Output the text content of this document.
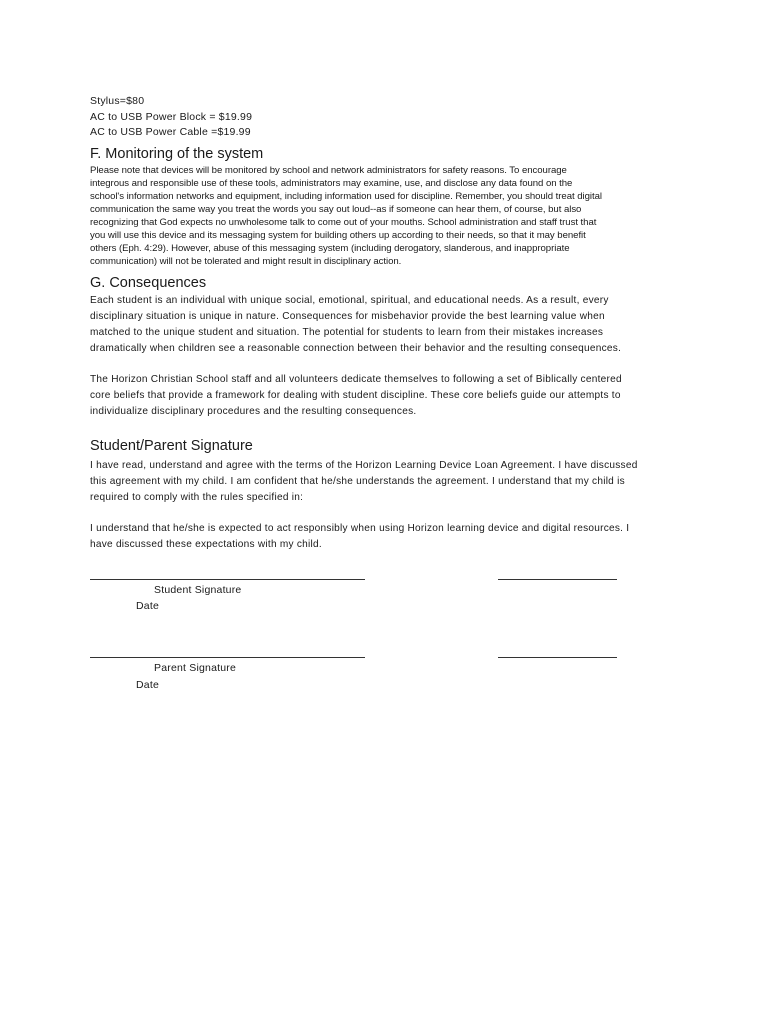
Stylus=$80
AC to USB Power Block = $19.99
AC to USB Power Cable =$19.99
F. Monitoring of the system
Please note that devices will be monitored by school and network administrators for safety reasons. To encourage
integrous and responsible use of these tools, administrators may examine, use, and disclose any data found on the
school's information networks and equipment, including information used for discipline. Remember, you should treat digital
communication the same way you treat the words you say out loud--as if someone can hear them, of course, but also
recognizing that God expects no unwholesome talk to come out of your mouths. School administration and staff trust that
you will use this device and its messaging system for building others up according to their needs, so that it may benefit
others (Eph. 4:29). However, abuse of this messaging system (including derogatory, slanderous, and inappropriate
communication) will not be tolerated and might result in disciplinary action.
G. Consequences
Each student is an individual with unique social, emotional, spiritual, and educational needs. As a result, every
disciplinary situation is unique in nature. Consequences for misbehavior provide the best learning value when
matched to the unique student and situation. The potential for students to learn from their mistakes increases
dramatically when children see a reasonable connection between their behavior and the resulting consequences.
The Horizon Christian School staff and all volunteers dedicate themselves to following a set of Biblically centered
core beliefs that provide a framework for dealing with student discipline. These core beliefs guide our attempts to
individualize disciplinary procedures and the resulting consequences.
Student/Parent Signature
I have read, understand and agree with the terms of the Horizon Learning Device Loan Agreement. I have discussed
this agreement with my child. I am confident that he/she understands the agreement. I understand that my child is
required to comply with the rules specified in:
I understand that he/she is expected to act responsibly when using Horizon learning device and digital resources. I
have discussed these expectations with my child.
Student Signature
Date
Parent Signature
Date
